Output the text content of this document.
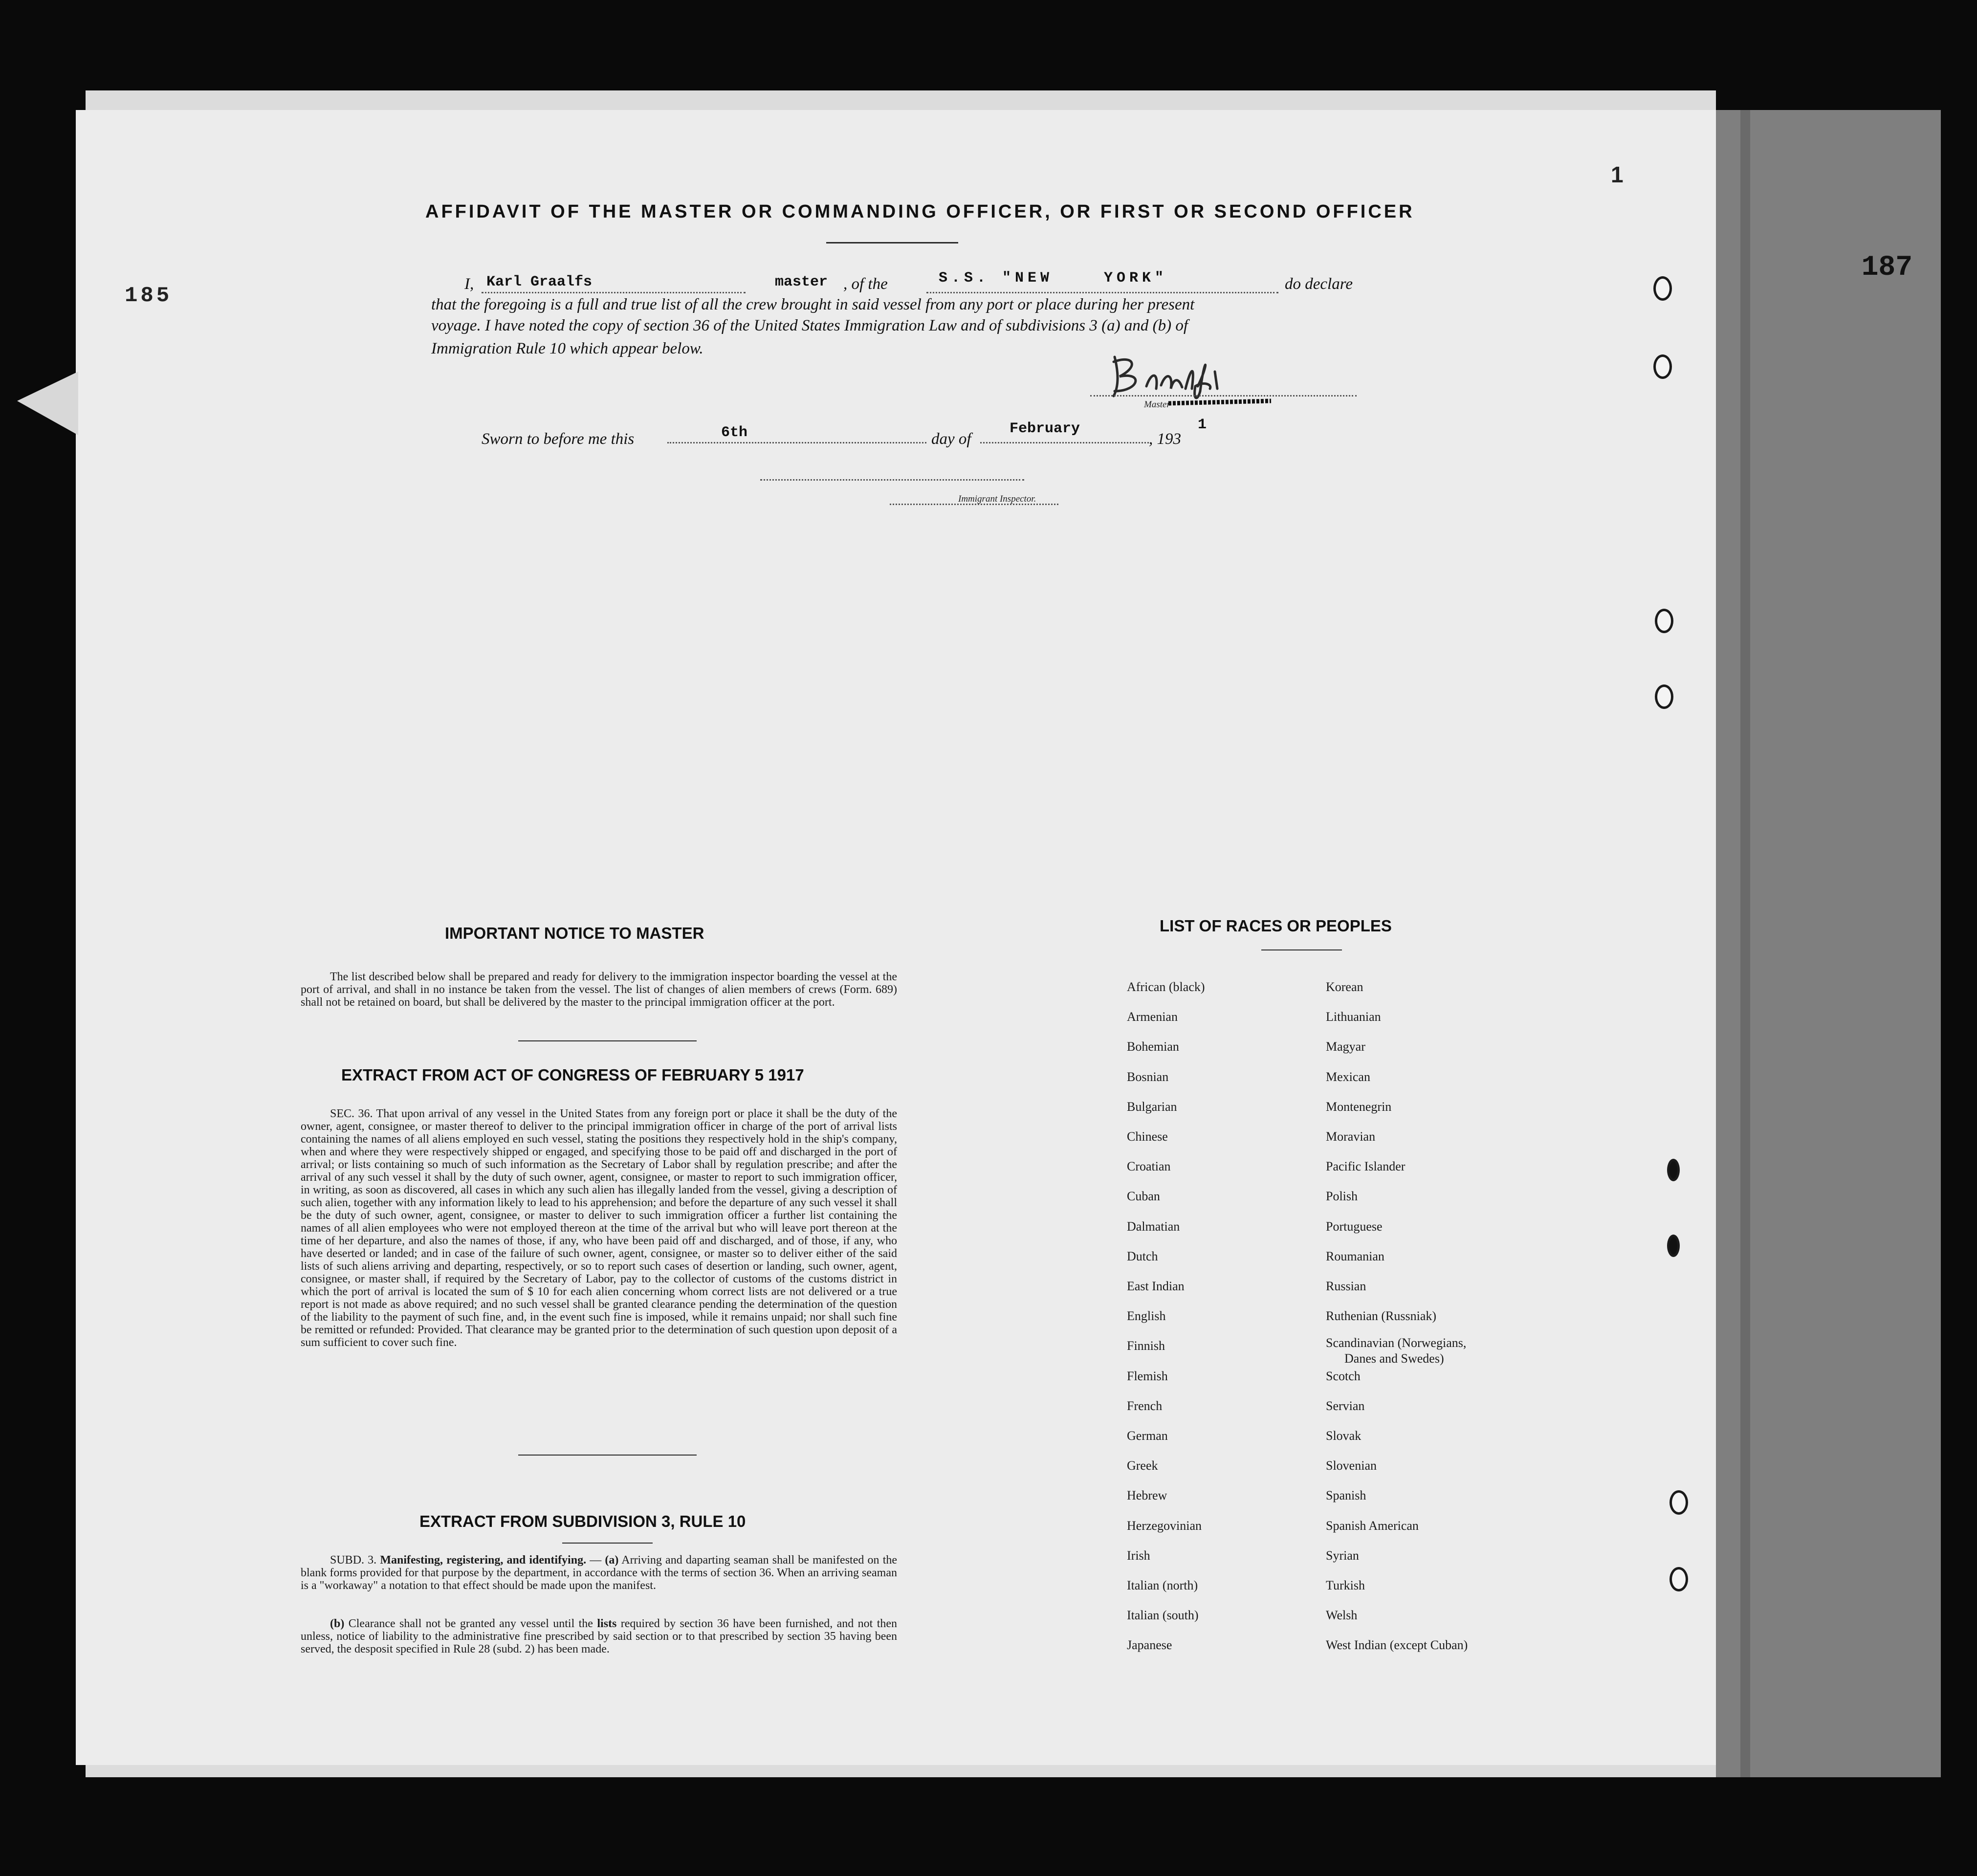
187
185
1
AFFIDAVIT OF THE MASTER OR COMMANDING OFFICER, OR FIRST OR SECOND OFFICER
I, Karl Graalfs	master , of the	S.S. "NEW    YORK"	do declare
that the foregoing is a full and true list of all the crew brought in said vessel from any port or place during her present
voyage. I have noted the copy of section 36 of the United States Immigration Law and of subdivisions 3 (a) and (b) of
Immigration Rule 10 which appear below.
Master
Sworn to before me this	6th	day of
February
, 193
1
Immigrant Inspector.
IMPORTANT NOTICE TO MASTER
The list described below shall be prepared and ready for delivery to the immigration inspector boarding the vessel at the port of arrival, and shall in no instance be taken from the vessel. The list of changes of alien members of crews (Form. 689) shall not be retained on board, but shall be delivered by the master to the principal immigration officer at the port.
EXTRACT FROM ACT OF CONGRESS OF FEBRUARY 5 1917
SEC. 36. That upon arrival of any vessel in the United States from any foreign port or place it shall be the duty of the owner, agent, consignee, or master thereof to deliver to the principal immigration officer in charge of the port of arrival lists containing the names of all aliens employed en such vessel, stating the positions they respectively hold in the ship's company, when and where they were respectively shipped or engaged, and specifying those to be paid off and discharged in the port of arrival; or lists containing so much of such information as the Secretary of Labor shall by regulation prescribe; and after the arrival of any such vessel it shall by the duty of such owner, agent, consignee, or master to report to such immigration officer, in writing, as soon as discovered, all cases in which any such alien has illegally landed from the vessel, giving a description of such alien, together with any information likely to lead to his apprehension; and before the departure of any such vessel it shall be the duty of such owner, agent, consignee, or master to deliver to such immigration officer a further list containing the names of all alien employees who were not employed thereon at the time of the arrival but who will leave port thereon at the time of her departure, and also the names of those, if any, who have been paid off and discharged, and of those, if any, who have deserted or landed; and in case of the failure of such owner, agent, consignee, or master so to deliver either of the said lists of such aliens arriving and departing, respectively, or so to report such cases of desertion or landing, such owner, agent, consignee, or master shall, if required by the Secretary of Labor, pay to the collector of customs of the customs district in which the port of arrival is located the sum of $ 10 for each alien concerning whom correct lists are not delivered or a true report is not made as above required; and no such vessel shall be granted clearance pending the determination of the question of the liability to the payment of such fine, and, in the event such fine is imposed, while it remains unpaid; nor shall such fine be remitted or refunded: Provided. That clearance may be granted prior to the determination of such question upon deposit of a sum sufficient to cover such fine.
EXTRACT FROM SUBDIVISION 3, RULE 10
SUBD. 3. Manifesting, registering, and identifying. — (a) Arriving and daparting seaman shall be manifested on the blank forms provided for that purpose by the department, in accordance with the terms of section 36. When an arriving seaman is a "workaway" a notation to that effect should be made upon the manifest.
(b) Clearance shall not be granted any vessel until the lists required by section 36 have been furnished, and not then unless, notice of liability to the administrative fine prescribed by said section or to that prescribed by section 35 having been served, the desposit specified in Rule 28 (subd. 2) has been made.
LIST OF RACES OR PEOPLES
African (black)
Armenian
Bohemian
Bosnian
Bulgarian
Chinese
Croatian
Cuban
Dalmatian
Dutch
East Indian
English
Finnish
Flemish
French
German
Greek
Hebrew
Herzegovinian
Irish
Italian (north)
Italian (south)
Japanese
Korean
Lithuanian
Magyar
Mexican
Montenegrin
Moravian
Pacific Islander
Polish
Portuguese
Roumanian
Russian
Ruthenian (Russniak)
Scandinavian (Norwegians,
Danes and Swedes)
Scotch
Servian
Slovak
Slovenian
Spanish
Spanish American
Syrian
Turkish
Welsh
West Indian (except Cuban)
